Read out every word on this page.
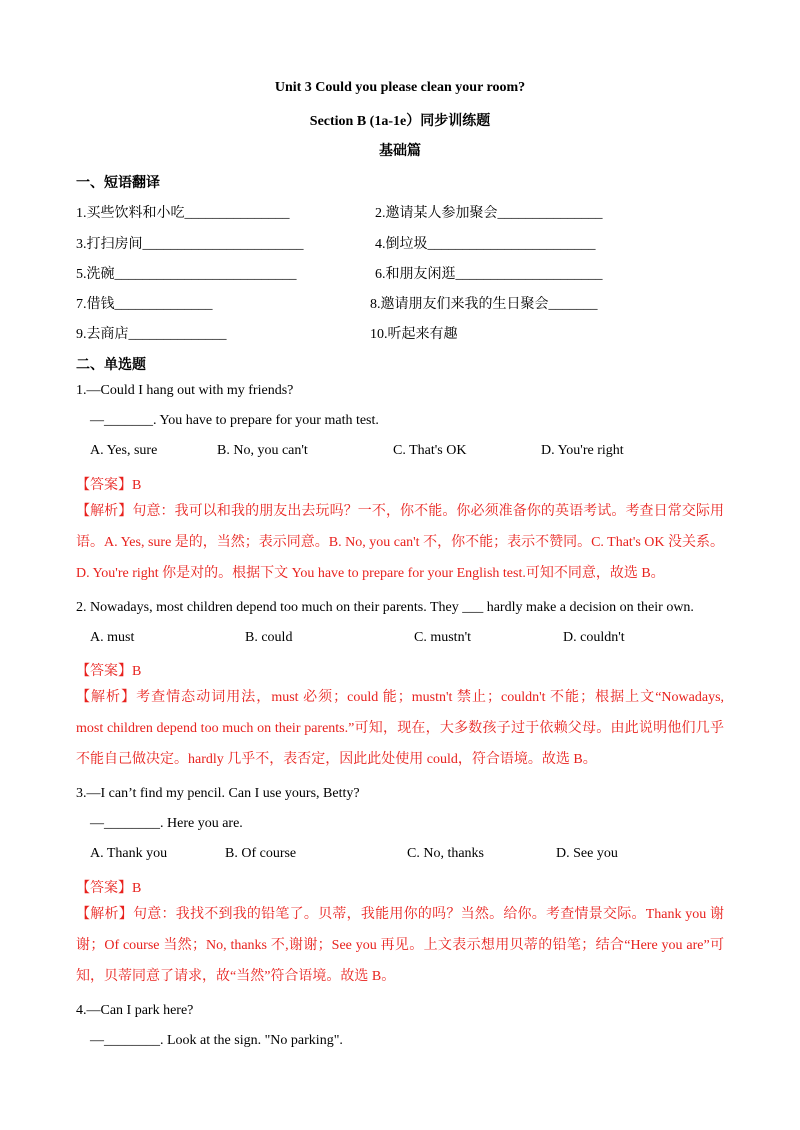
Unit 3 Could you please clean your room?
Section B (1a-1e）同步训练题
基础篇
一、短语翻译
1.买些饮料和小吃_______________	2.邀请某人参加聚会_______________
3.打扫房间_______________________	4.倒垃圾________________________
5.洗碗__________________________	6.和朋友闲逛_____________________
7.借钱______________	8.邀请朋友们来我的生日聚会_______
9.去商店______________	10.听起来有趣
二、单选题
1.—Could I hang out with my friends?
—_______. You have to prepare for your math test.
A. Yes, sure	B. No, you can't	C. That's OK	D. You're right
【答案】B
【解析】句意：我可以和我的朋友出去玩吗？一不，你不能。你必须准备你的英语考试。考查日常交际用语。A. Yes, sure 是的，当然；表示同意。B. No, you can't 不，你不能；表示不赞同。C. That's OK 没关系。D. You're right 你是对的。根据下文 You have to prepare for your English test.可知不同意，故选 B。
2. Nowadays, most children depend too much on their parents. They ___ hardly make a decision on their own.
A. must	B. could	C. mustn't	D. couldn't
【答案】B
【解析】考查情态动词用法，must 必须；could 能；mustn't 禁止；couldn't 不能；根据上文“Nowadays, most children depend too much on their parents.”可知，现在，大多数孩子过于依赖父母。由此说明他们几乎不能自己做决定。hardly 几乎不，表否定，因此此处使用 could，符合语境。故选 B。
3.—I can’t find my pencil. Can I use yours, Betty?
—________. Here you are.
A. Thank you	B. Of course	C. No, thanks	D. See you
【答案】B
【解析】句意：我找不到我的铅笔了。贝蒂，我能用你的吗？当然。给你。考查情景交际。Thank you 谢谢；Of course 当然；No, thanks 不,谢谢；See you 再见。上文表示想用贝蒂的铅笔；结合“Here you are”可知，贝蒂同意了请求，故“当然”符合语境。故选 B。
4.—Can I park here?
—________. Look at the sign. "No parking".
